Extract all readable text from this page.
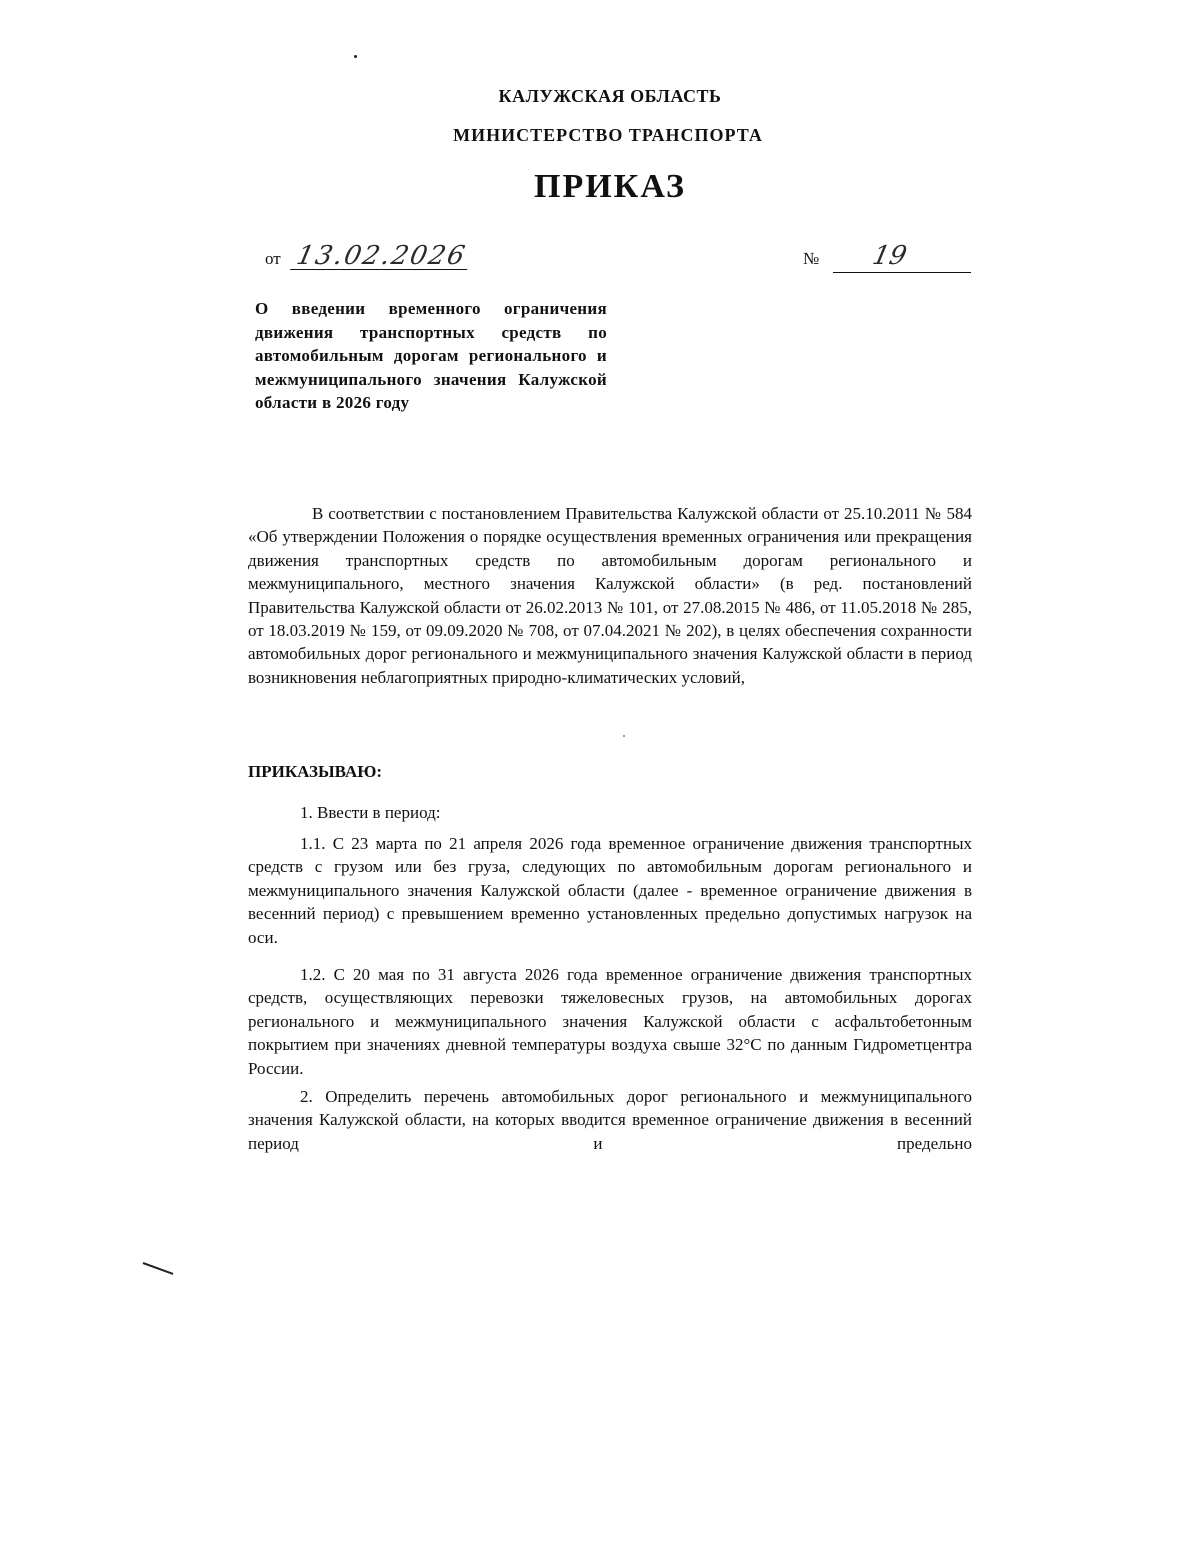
КАЛУЖСКАЯ ОБЛАСТЬ
МИНИСТЕРСТВО ТРАНСПОРТА
ПРИКАЗ
от 13.02.2026	№ 19
О введении временного ограничения движения транспортных средств по автомобильным дорогам регионального и межмуниципального значения Калужской области в 2026 году

В соответствии с постановлением Правительства Калужской области от 25.10.2011 № 584 «Об утверждении Положения о порядке осуществления временных ограничения или прекращения движения транспортных средств по автомобильным дорогам регионального и межмуниципального, местного значения Калужской области» (в ред. постановлений Правительства Калужской области от 26.02.2013 № 101, от 27.08.2015 № 486, от 11.05.2018 № 285, от 18.03.2019 № 159, от 09.09.2020 № 708, от 07.04.2021 № 202), в целях обеспечения сохранности автомобильных дорог регионального и межмуниципального значения Калужской области в период возникновения неблагоприятных природно-климатических условий,

ПРИКАЗЫВАЮ:

1. Ввести в период:

1.1. С 23 марта по 21 апреля 2026 года временное ограничение движения транспортных средств с грузом или без груза, следующих по автомобильным дорогам регионального и межмуниципального значения Калужской области (далее - временное ограничение движения в весенний период) с превышением временно установленных предельно допустимых нагрузок на оси.

1.2. С 20 мая по 31 августа 2026 года временное ограничение движения транспортных средств, осуществляющих перевозки тяжеловесных грузов, на автомобильных дорогах регионального и межмуниципального значения Калужской области с асфальтобетонным покрытием при значениях дневной температуры воздуха свыше 32°С по данным Гидрометцентра России.

2. Определить перечень автомобильных дорог регионального и межмуниципального значения Калужской области, на которых вводится временное ограничение движения в весенний период и предельно
